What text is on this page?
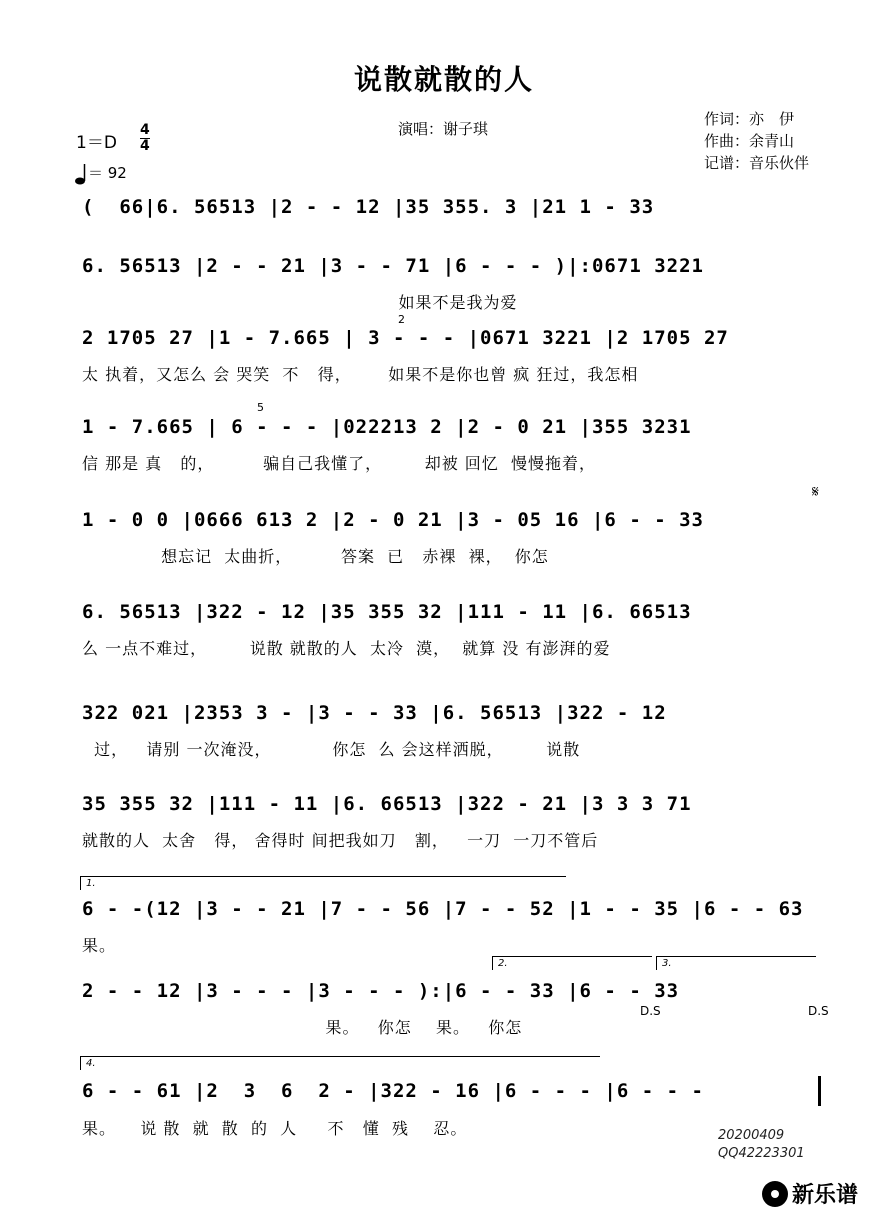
说散就散的人
演唱：谢子琪
作词：亦　伊
作曲：余青山
记谱：音乐伙伴
1＝D
4
4
＝ 92
(  66|6. 56513 |2 - - 12 |35 355. 3 |21 1 - 33
6. 56513 |2 - - 21 |3 - - 71 |6 - - - )|:0671 3221
如果不是我为爱
2 1705 27 |1 - 7.665 | 3 - - - |0671 3221 |2 1705 27
太 执着，又怎么 会 哭笑  不   得，      如果不是你也曾 疯 狂过，我怎相
2
1 - 7.665 | 6 - - - |022213 2 |2 - 0 21 |355 3231
信 那是 真   的，        骗自己我懂了，       却被 回忆  慢慢拖着，
5
1 - 0 0 |0666 613 2 |2 - 0 21 |3 - 05 16 |6 - - 33
想忘记  太曲折，        答案  已   赤裸  裸，  你怎
𝄋
6. 56513 |322 - 12 |35 355 32 |111 - 11 |6. 66513
么 一点不难过，       说散 就散的人  太冷  漠，  就算 没 有澎湃的爱
322 021 |2353 3 - |3 - - 33 |6. 56513 |322 - 12
过，   请别 一次淹没，          你怎  么 会这样洒脱，       说散
35 355 32 |111 - 11 |6. 66513 |322 - 21 |3 3 3 71
就散的人  太舍   得， 舍得时 间把我如刀   割，   一刀  一刀不管后
1.
6 - -(12 |3 - - 21 |7 - - 56 |7 - - 52 |1 - - 35 |6 - - 63
果。
2.	3.
2 - - 12 |3 - - - |3 - - - ):|6 - - 33 |6 - - 33
果。   你怎    果。   你怎
D.S	D.S
4.
6 - - 61 |2  3  6  2 - |322 - 16 |6 - - - |6 - - -
果。    说 散  就  散  的  人     不   懂  残    忍。	20200409
QQ42223301
新乐谱
